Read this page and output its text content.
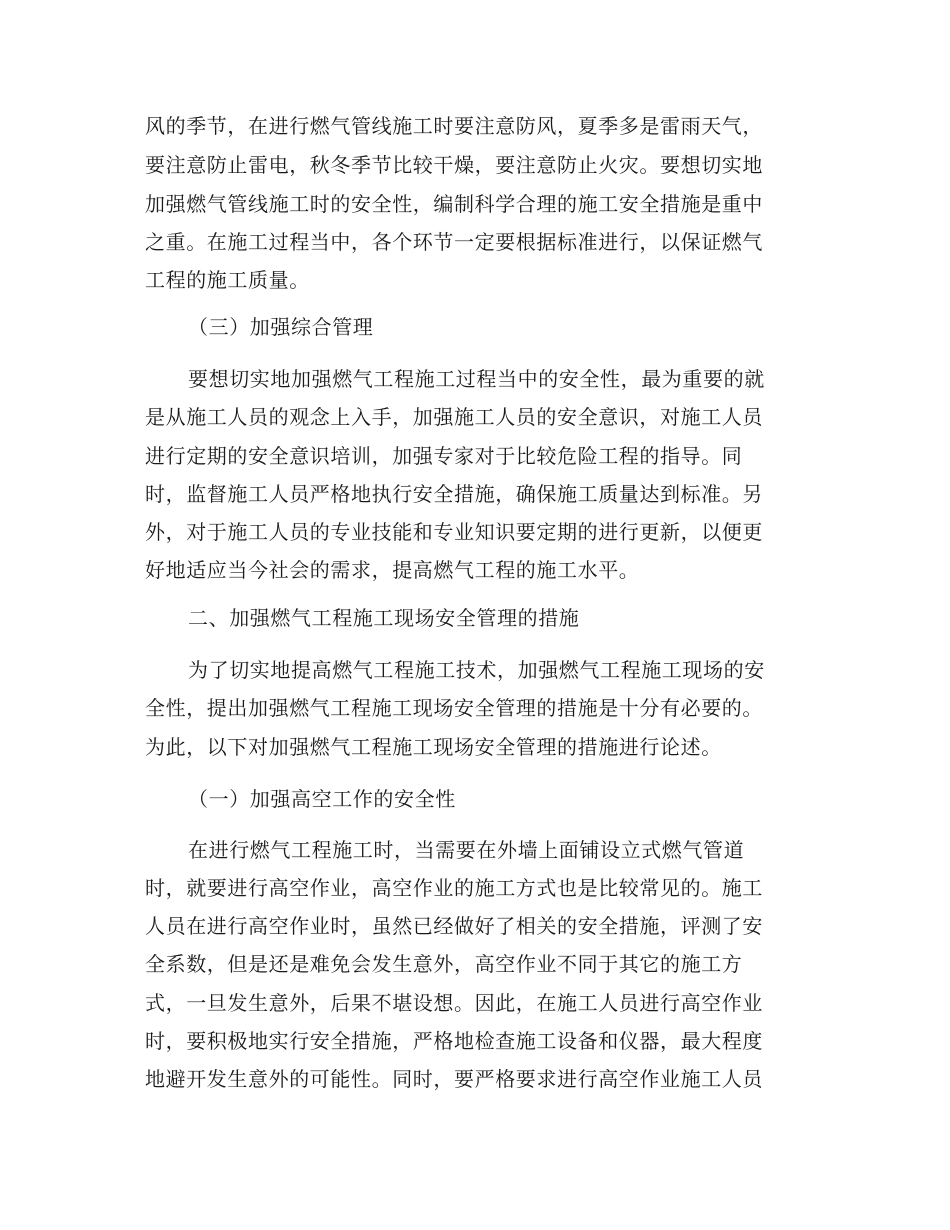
风的季节，在进行燃气管线施工时要注意防风，夏季多是雷雨天气，
要注意防止雷电，秋冬季节比较干燥，要注意防止火灾。要想切实地
加强燃气管线施工时的安全性，编制科学合理的施工安全措施是重中
之重。在施工过程当中，各个环节一定要根据标准进行，以保证燃气
工程的施工质量。
（三）加强综合管理
要想切实地加强燃气工程施工过程当中的安全性，最为重要的就
是从施工人员的观念上入手，加强施工人员的安全意识，对施工人员
进行定期的安全意识培训，加强专家对于比较危险工程的指导。同
时，监督施工人员严格地执行安全措施，确保施工质量达到标准。另
外，对于施工人员的专业技能和专业知识要定期的进行更新，以便更
好地适应当今社会的需求，提高燃气工程的施工水平。
二、加强燃气工程施工现场安全管理的措施
为了切实地提高燃气工程施工技术，加强燃气工程施工现场的安
全性，提出加强燃气工程施工现场安全管理的措施是十分有必要的。
为此，以下对加强燃气工程施工现场安全管理的措施进行论述。
（一）加强高空工作的安全性
在进行燃气工程施工时，当需要在外墙上面铺设立式燃气管道
时，就要进行高空作业，高空作业的施工方式也是比较常见的。施工
人员在进行高空作业时，虽然已经做好了相关的安全措施，评测了安
全系数，但是还是难免会发生意外，高空作业不同于其它的施工方
式，一旦发生意外，后果不堪设想。因此，在施工人员进行高空作业
时，要积极地实行安全措施，严格地检查施工设备和仪器，最大程度
地避开发生意外的可能性。同时，要严格要求进行高空作业施工人员
